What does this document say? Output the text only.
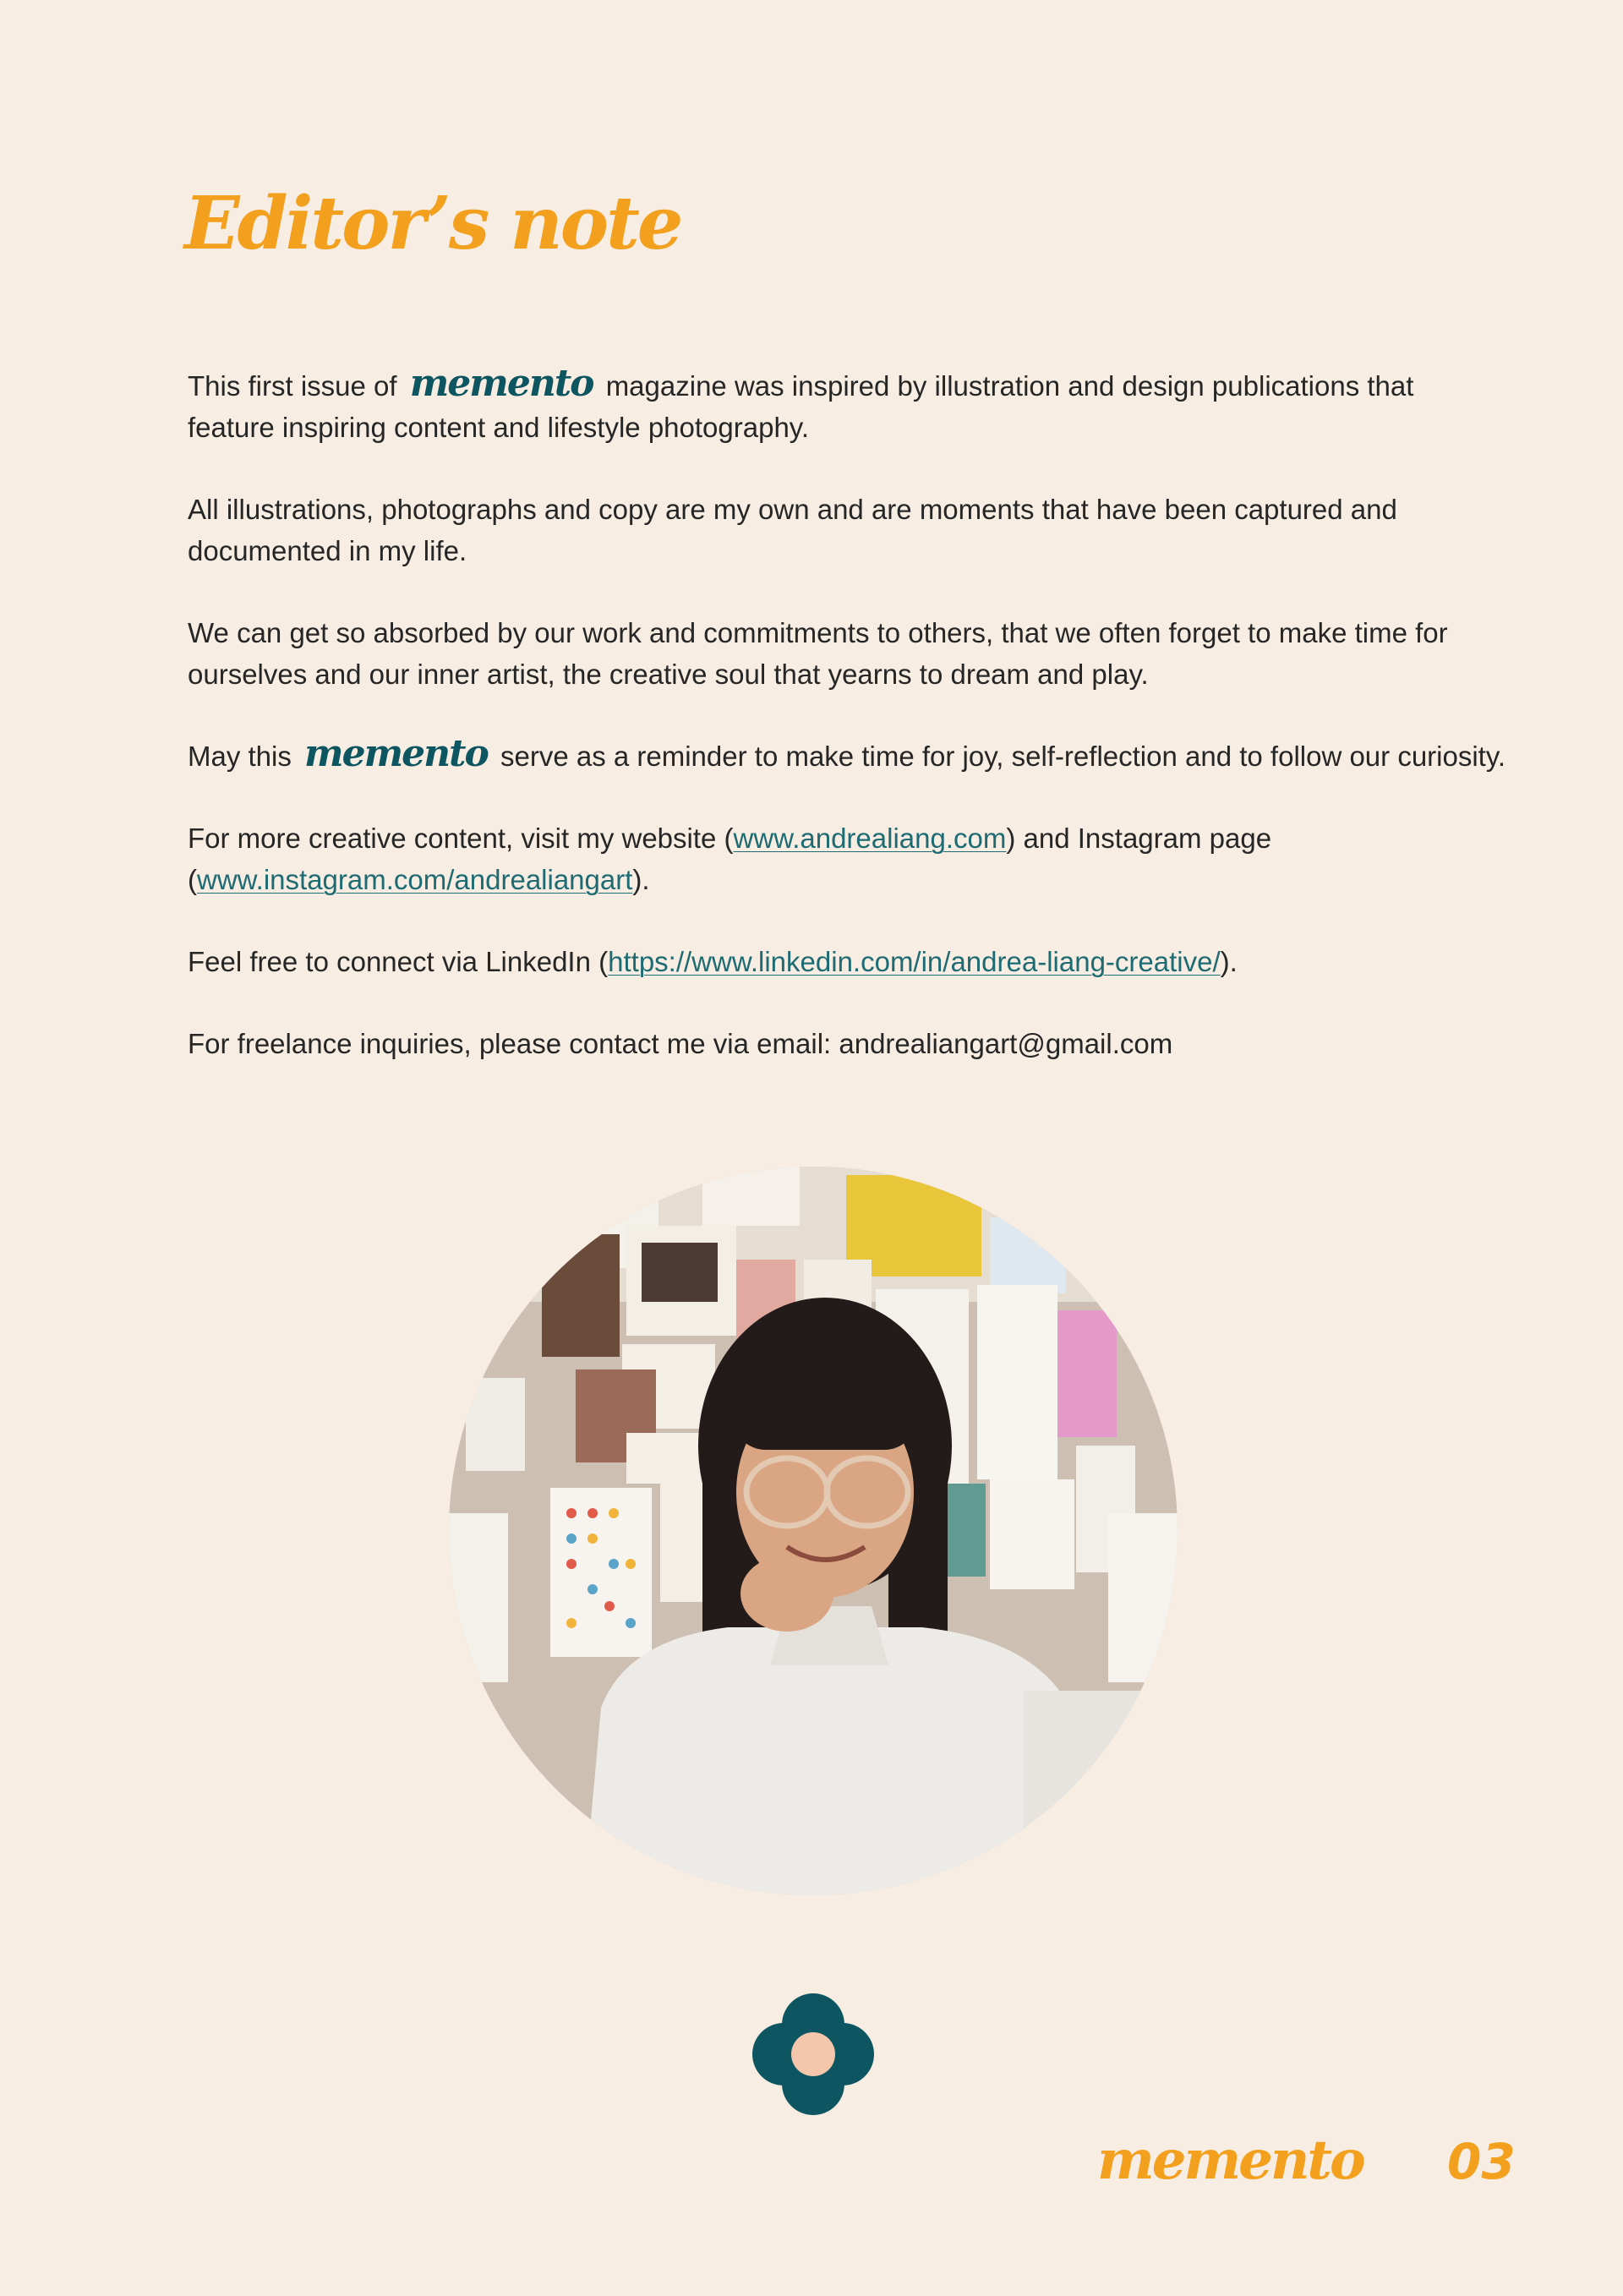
Editor’s note

This first issue of memento magazine was inspired by illustration and design publications that feature inspiring content and lifestyle photography.

All illustrations, photographs and copy are my own and are moments that have been captured and documented in my life.

We can get so absorbed by our work and commitments to others, that we often forget to make time for ourselves and our inner artist, the creative soul that yearns to dream and play.

May this memento serve as a reminder to make time for joy, self-reflection and to follow our curiosity.

For more creative content, visit my website (www.andrealiang.com) and Instagram page (www.instagram.com/andrealiangart).

Feel free to connect via LinkedIn (https://www.linkedin.com/in/andrea-liang-creative/).

For freelance inquiries, please contact me via email: andrealiangart@gmail.com

memento 03
